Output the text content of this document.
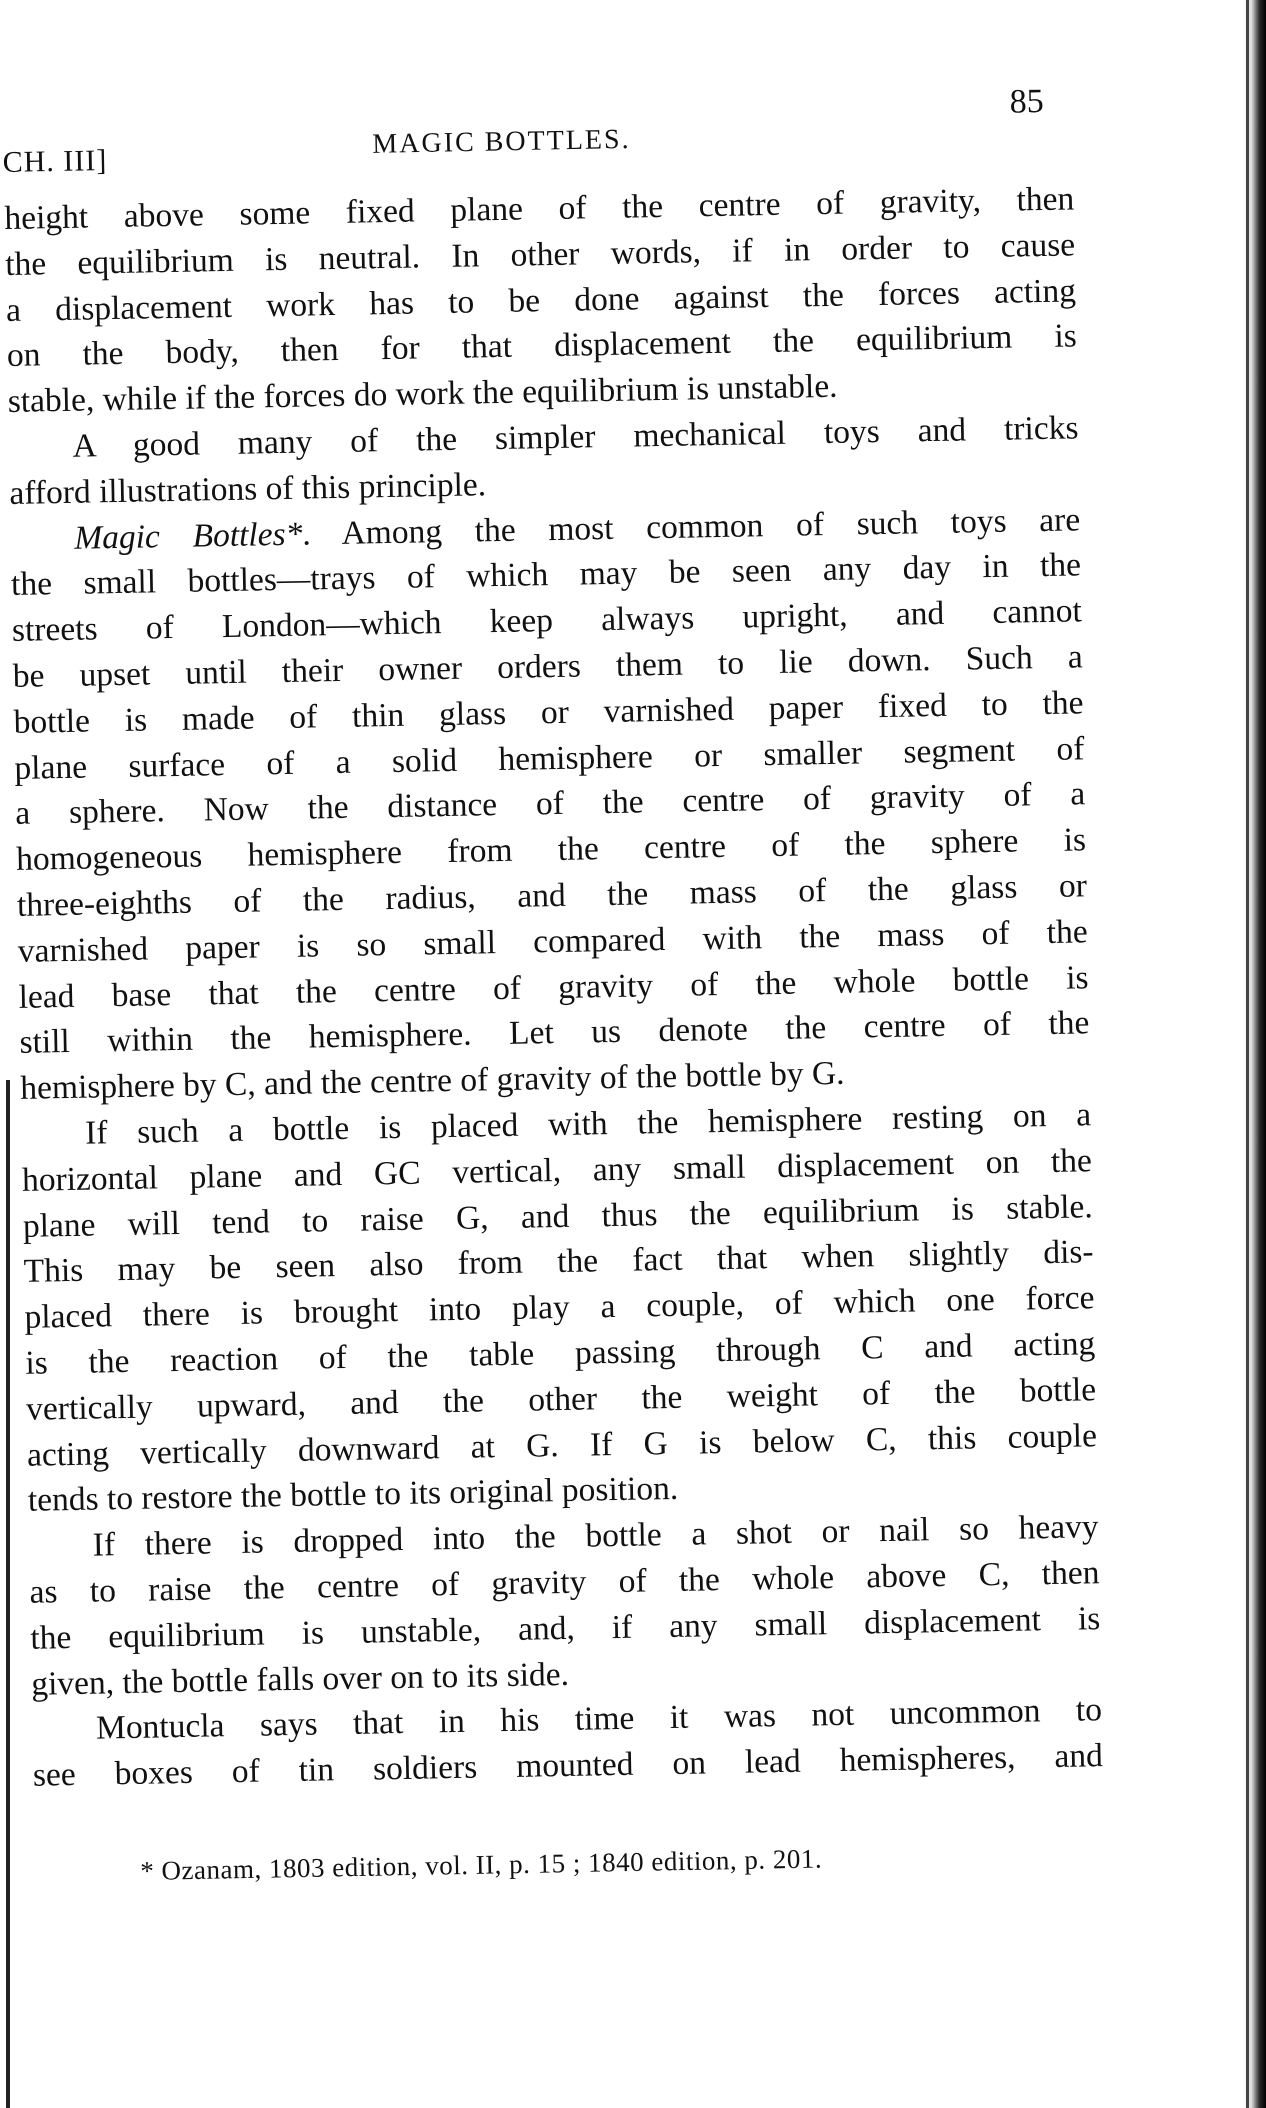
CH. III]
MAGIC BOTTLES.
85
height above some fixed plane of the centre of gravity, then
the equilibrium is neutral. In other words, if in order to cause
a displacement work has to be done against the forces acting
on the body, then for that displacement the equilibrium is
stable, while if the forces do work the equilibrium is unstable.
A good many of the simpler mechanical toys and tricks
afford illustrations of this principle.
Magic Bottles*. Among the most common of such toys are
the small bottles—trays of which may be seen any day in the
streets of London—which keep always upright, and cannot
be upset until their owner orders them to lie down. Such a
bottle is made of thin glass or varnished paper fixed to the
plane surface of a solid hemisphere or smaller segment of
a sphere. Now the distance of the centre of gravity of a
homogeneous hemisphere from the centre of the sphere is
three-eighths of the radius, and the mass of the glass or
varnished paper is so small compared with the mass of the
lead base that the centre of gravity of the whole bottle is
still within the hemisphere. Let us denote the centre of the
hemisphere by C, and the centre of gravity of the bottle by G.
If such a bottle is placed with the hemisphere resting on a
horizontal plane and GC vertical, any small displacement on the
plane will tend to raise G, and thus the equilibrium is stable.
This may be seen also from the fact that when slightly dis-
placed there is brought into play a couple, of which one force
is the reaction of the table passing through C and acting
vertically upward, and the other the weight of the bottle
acting vertically downward at G. If G is below C, this couple
tends to restore the bottle to its original position.
If there is dropped into the bottle a shot or nail so heavy
as to raise the centre of gravity of the whole above C, then
the equilibrium is unstable, and, if any small displacement is
given, the bottle falls over on to its side.
Montucla says that in his time it was not uncommon to
see boxes of tin soldiers mounted on lead hemispheres, and
* Ozanam, 1803 edition, vol. II, p. 15 ; 1840 edition, p. 201.
